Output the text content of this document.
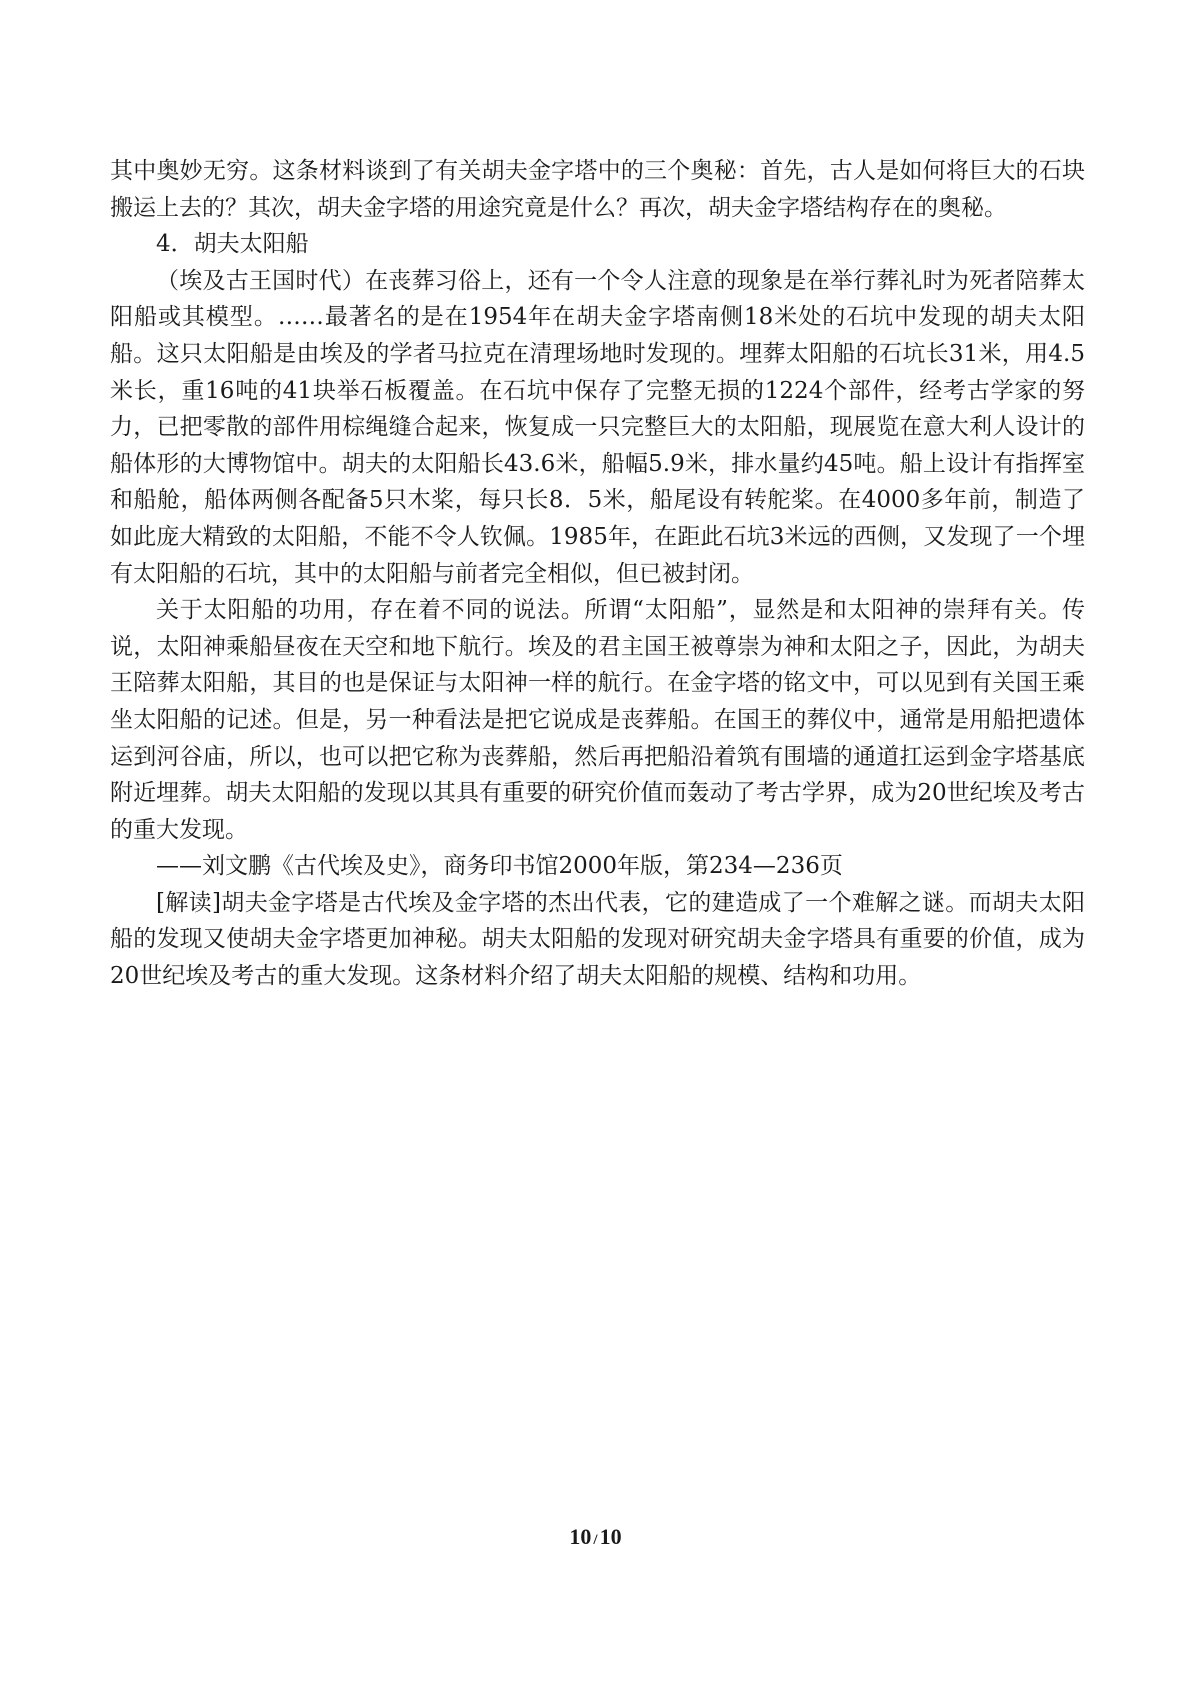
其中奥妙无穷。这条材料谈到了有关胡夫金字塔中的三个奥秘：首先，古人是如何将巨大的石块搬运上去的？其次，胡夫金字塔的用途究竟是什么？再次，胡夫金字塔结构存在的奥秘。

4．胡夫太阳船

（埃及古王国时代）在丧葬习俗上，还有一个令人注意的现象是在举行葬礼时为死者陪葬太阳船或其模型。……最著名的是在1954年在胡夫金字塔南侧18米处的石坑中发现的胡夫太阳船。这只太阳船是由埃及的学者马拉克在清理场地时发现的。埋葬太阳船的石坑长31米，用4.5米长，重16吨的41块举石板覆盖。在石坑中保存了完整无损的1224个部件，经考古学家的努力，已把零散的部件用棕绳缝合起来，恢复成一只完整巨大的太阳船，现展览在意大利人设计的船体形的大博物馆中。胡夫的太阳船长43.6米，船幅5.9米，排水量约45吨。船上设计有指挥室和船舱，船体两侧各配备5只木桨，每只长8．5米，船尾设有转舵桨。在4000多年前，制造了如此庞大精致的太阳船，不能不令人钦佩。1985年，在距此石坑3米远的西侧，又发现了一个埋有太阳船的石坑，其中的太阳船与前者完全相似，但已被封闭。

关于太阳船的功用，存在着不同的说法。所谓“太阳船”，显然是和太阳神的崇拜有关。传说，太阳神乘船昼夜在天空和地下航行。埃及的君主国王被尊崇为神和太阳之子，因此，为胡夫王陪葬太阳船，其目的也是保证与太阳神一样的航行。在金字塔的铭文中，可以见到有关国王乘坐太阳船的记述。但是，另一种看法是把它说成是丧葬船。在国王的葬仪中，通常是用船把遗体运到河谷庙，所以，也可以把它称为丧葬船，然后再把船沿着筑有围墙的通道扛运到金字塔基底附近埋葬。胡夫太阳船的发现以其具有重要的研究价值而轰动了考古学界，成为20世纪埃及考古的重大发现。

——刘文鹏《古代埃及史》，商务印书馆2000年版，第234—236页

[解读]胡夫金字塔是古代埃及金字塔的杰出代表，它的建造成了一个难解之谜。而胡夫太阳船的发现又使胡夫金字塔更加神秘。胡夫太阳船的发现对研究胡夫金字塔具有重要的价值，成为20世纪埃及考古的重大发现。这条材料介绍了胡夫太阳船的规模、结构和功用。

10 /10
